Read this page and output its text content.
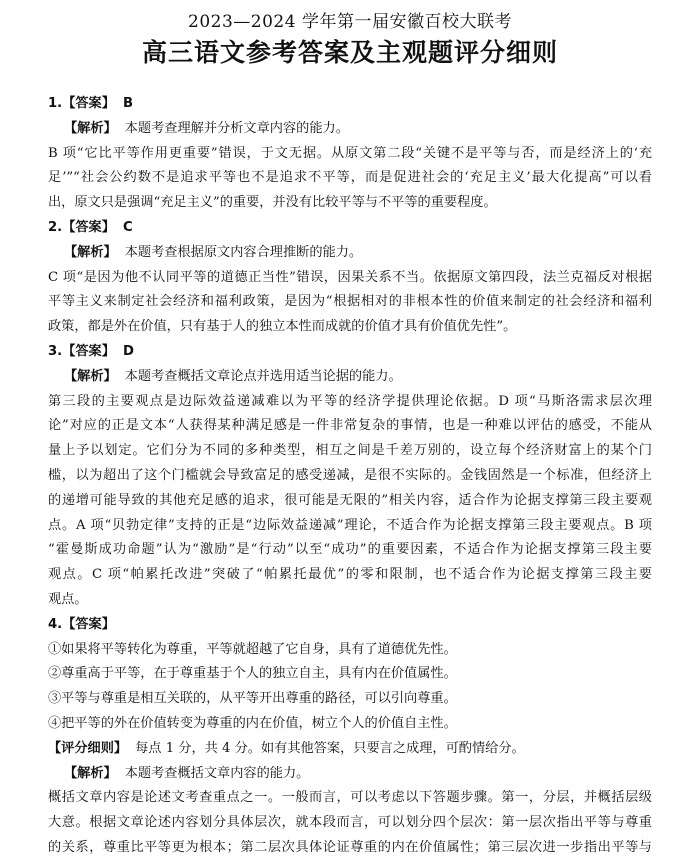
2023—2024 学年第一届安徽百校大联考
高三语文参考答案及主观题评分细则
1.【答案】 B
【解析】 本题考查理解并分析文章内容的能力。
B 项“它比平等作用更重要”错误，于文无据。从原文第二段“关键不是平等与否，而是经济上的‘充
足’”“社会公约数不是追求平等也不是追求不平等，而是促进社会的‘充足主义’最大化提高”可以看
出，原文只是强调“充足主义”的重要，并没有比较平等与不平等的重要程度。
2.【答案】 C
【解析】 本题考查根据原文内容合理推断的能力。
C 项“是因为他不认同平等的道德正当性”错误，因果关系不当。依据原文第四段，法兰克福反对根据
平等主义来制定社会经济和福利政策，是因为“根据相对的非根本性的价值来制定的社会经济和福利
政策，都是外在价值，只有基于人的独立本性而成就的价值才具有价值优先性”。
3.【答案】 D
【解析】 本题考查概括文章论点并选用适当论据的能力。
第三段的主要观点是边际效益递减难以为平等的经济学提供理论依据。D 项“马斯洛需求层次理
论”对应的正是文本“人获得某种满足感是一件非常复杂的事情，也是一种难以评估的感受，不能从
量上予以划定。它们分为不同的多种类型，相互之间是千差万别的，设立每个经济财富上的某个门
槛，以为超出了这个门槛就会导致富足的感受递减，是很不实际的。金钱固然是一个标准，但经济上
的递增可能导致的其他充足感的追求，很可能是无限的”相关内容，适合作为论据支撑第三段主要观
点。A 项“贝勃定律”支持的正是“边际效益递减”理论，不适合作为论据支撑第三段主要观点。B 项
“霍曼斯成功命题”认为“激励”是“行动”以至“成功”的重要因素，不适合作为论据支撑第三段主要
观点。C 项“帕累托改进”突破了“帕累托最优”的零和限制，也不适合作为论据支撑第三段主要
观点。
4.【答案】
①如果将平等转化为尊重，平等就超越了它自身，具有了道德优先性。
②尊重高于平等，在于尊重基于个人的独立自主，具有内在价值属性。
③平等与尊重是相互关联的，从平等开出尊重的路径，可以引向尊重。
④把平等的外在价值转变为尊重的内在价值，树立个人的价值自主性。
【评分细则】 每点 1 分，共 4 分。如有其他答案，只要言之成理，可酌情给分。
【解析】 本题考查概括文章内容的能力。
概括文章内容是论述文考查重点之一。一般而言，可以考虑以下答题步骤。第一，分层，并概括层级
大意。根据文章论述内容划分具体层次，就本段而言，可以划分四个层次：第一层次指出平等与尊重
的关系，尊重比平等更为根本；第二层次具体论证尊重的内在价值属性；第三层次进一步指出平等与
